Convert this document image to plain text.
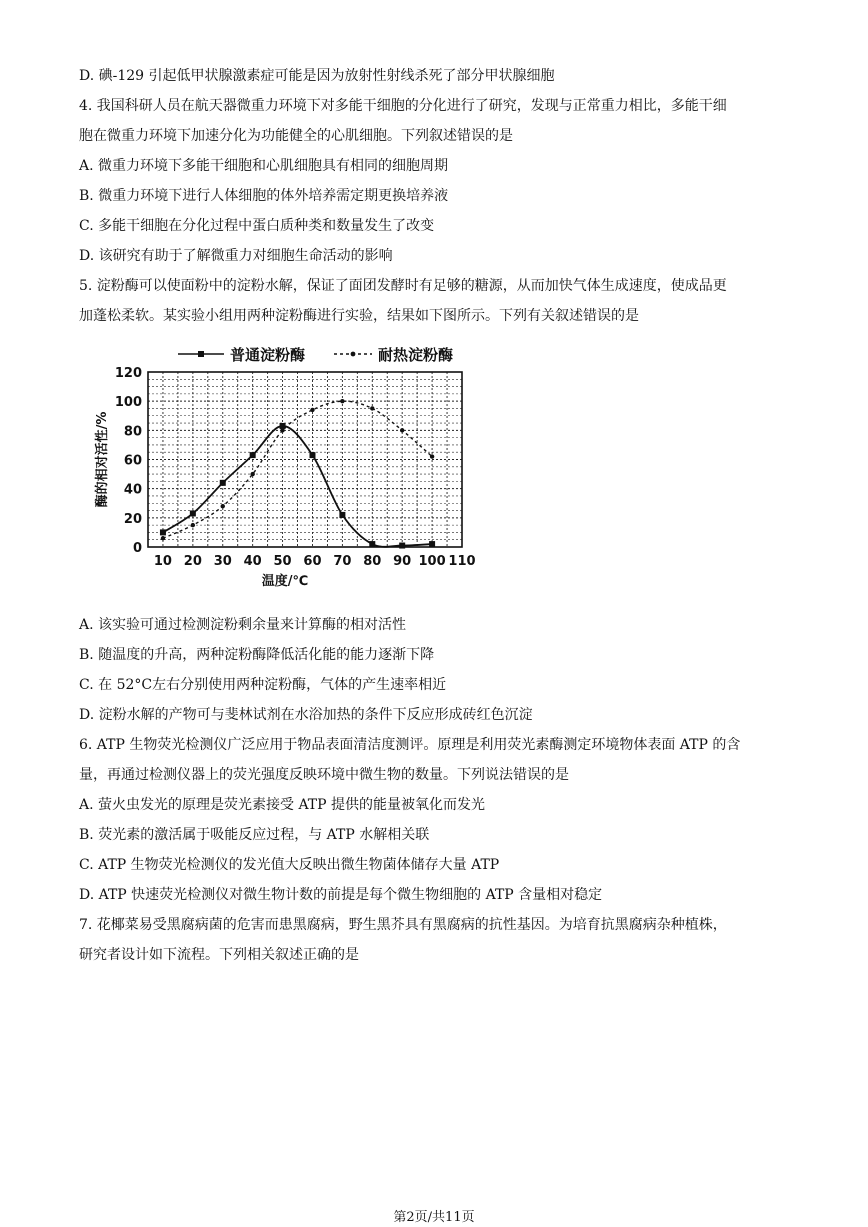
D. 碘-129 引起低甲状腺激素症可能是因为放射性射线杀死了部分甲状腺细胞
4. 我国科研人员在航天器微重力环境下对多能干细胞的分化进行了研究，发现与正常重力相比，多能干细
胞在微重力环境下加速分化为功能健全的心肌细胞。下列叙述错误的是
A. 微重力环境下多能干细胞和心肌细胞具有相同的细胞周期
B. 微重力环境下进行人体细胞的体外培养需定期更换培养液
C. 多能干细胞在分化过程中蛋白质种类和数量发生了改变
D. 该研究有助于了解微重力对细胞生命活动的影响
5. 淀粉酶可以使面粉中的淀粉水解，保证了面团发酵时有足够的糖源，从而加快气体生成速度，使成品更
加蓬松柔软。某实验小组用两种淀粉酶进行实验，结果如下图所示。下列有关叙述错误的是
0
20
40
60
80
100
120
10 20 30 40 50 60 70 80 90 100 110
温度/℃
酶的相对活性/%
普通淀粉酶	耐热淀粉酶
A. 该实验可通过检测淀粉剩余量来计算酶的相对活性
B. 随温度的升高，两种淀粉酶降低活化能的能力逐渐下降
C. 在 52°C左右分别使用两种淀粉酶，气体的产生速率相近
D. 淀粉水解的产物可与斐林试剂在水浴加热的条件下反应形成砖红色沉淀
6. ATP 生物荧光检测仪广泛应用于物品表面清洁度测评。原理是利用荧光素酶测定环境物体表面 ATP 的含
量，再通过检测仪器上的荧光强度反映环境中微生物的数量。下列说法错误的是
A. 萤火虫发光的原理是荧光素接受 ATP 提供的能量被氧化而发光
B. 荧光素的激活属于吸能反应过程，与 ATP 水解相关联
C. ATP 生物荧光检测仪的发光值大反映出微生物菌体储存大量 ATP
D. ATP 快速荧光检测仪对微生物计数的前提是每个微生物细胞的 ATP 含量相对稳定
7. 花椰菜易受黑腐病菌的危害而患黑腐病，野生黑芥具有黑腐病的抗性基因。为培育抗黑腐病杂种植株，
研究者设计如下流程。下列相关叙述正确的是
第2页/共11页
